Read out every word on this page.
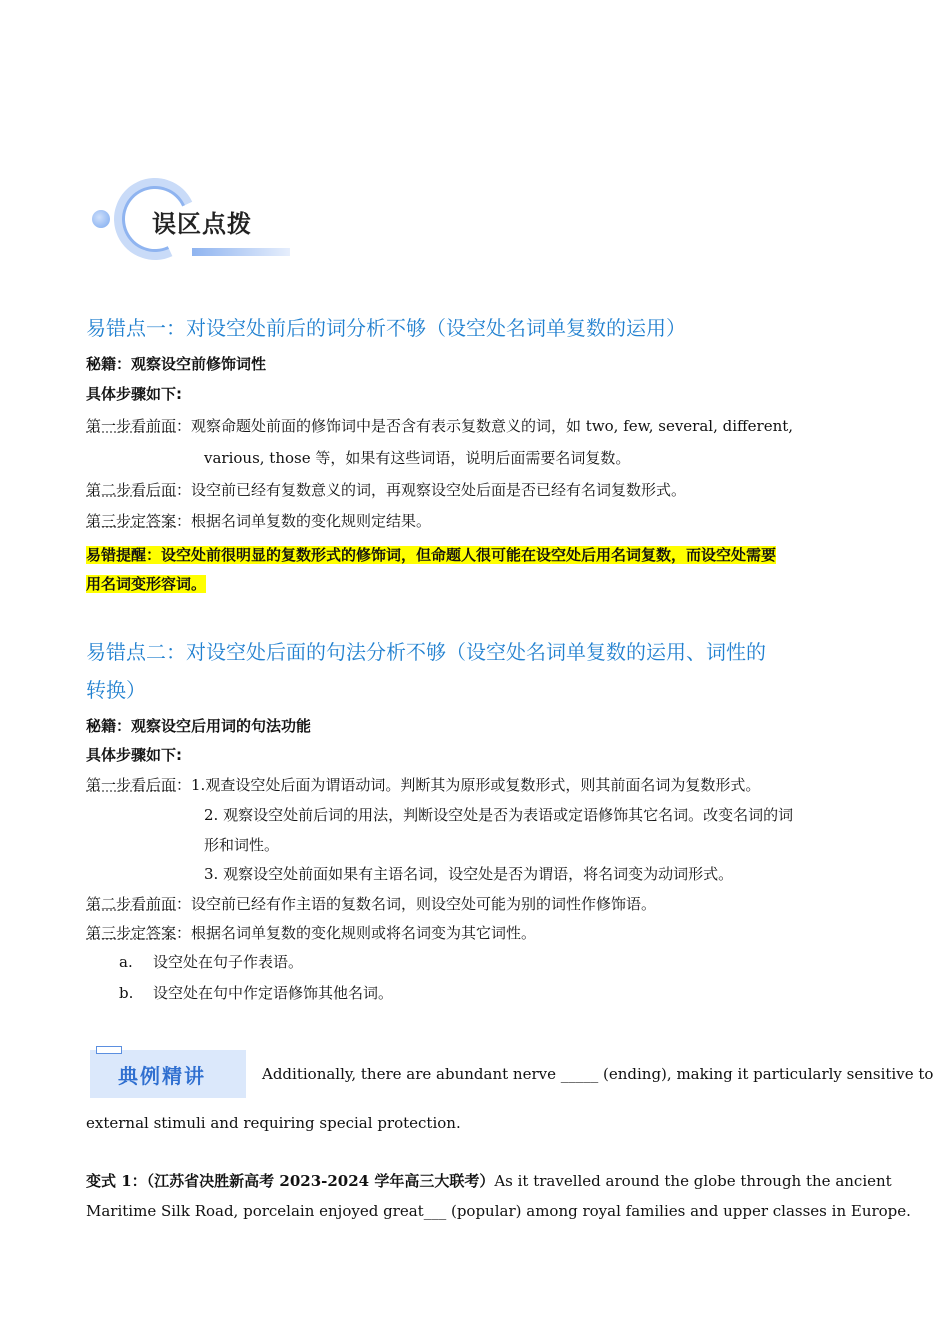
误区点拨
易错点一：对设空处前后的词分析不够（设空处名词单复数的运用）
秘籍：观察设空前修饰词性
具体步骤如下:
第一步看前面：观察命题处前面的修饰词中是否含有表示复数意义的词，如 two, few, several, different,
various, those 等，如果有这些词语，说明后面需要名词复数。
第二步看后面：设空前已经有复数意义的词，再观察设空处后面是否已经有名词复数形式。
第三步定答案：根据名词单复数的变化规则定结果。
易错提醒：设空处前很明显的复数形式的修饰词，但命题人很可能在设空处后用名词复数，而设空处需要
用名词变形容词。
易错点二：对设空处后面的句法分析不够（设空处名词单复数的运用、词性的
转换）
秘籍：观察设空后用词的句法功能
具体步骤如下:
第一步看后面：1.观查设空处后面为谓语动词。判断其为原形或复数形式，则其前面名词为复数形式。
2. 观察设空处前后词的用法，判断设空处是否为表语或定语修饰其它名词。改变名词的词
形和词性。
3. 观察设空处前面如果有主语名词，设空处是否为谓语，将名词变为动词形式。
第二步看前面：设空前已经有作主语的复数名词，则设空处可能为别的词性作修饰语。
第三步定答案：根据名词单复数的变化规则或将名词变为其它词性。
a. 设空处在句子作表语。
b. 设空处在句中作定语修饰其他名词。
典例精讲	Additionally, there are abundant nerve _____ (ending), making it particularly sensitive to
external stimuli and requiring special protection.
变式 1：（江苏省决胜新高考 2023-2024 学年高三大联考）As it travelled around the globe through the ancient
Maritime Silk Road, porcelain enjoyed great___ (popular) among royal families and upper classes in Europe.
